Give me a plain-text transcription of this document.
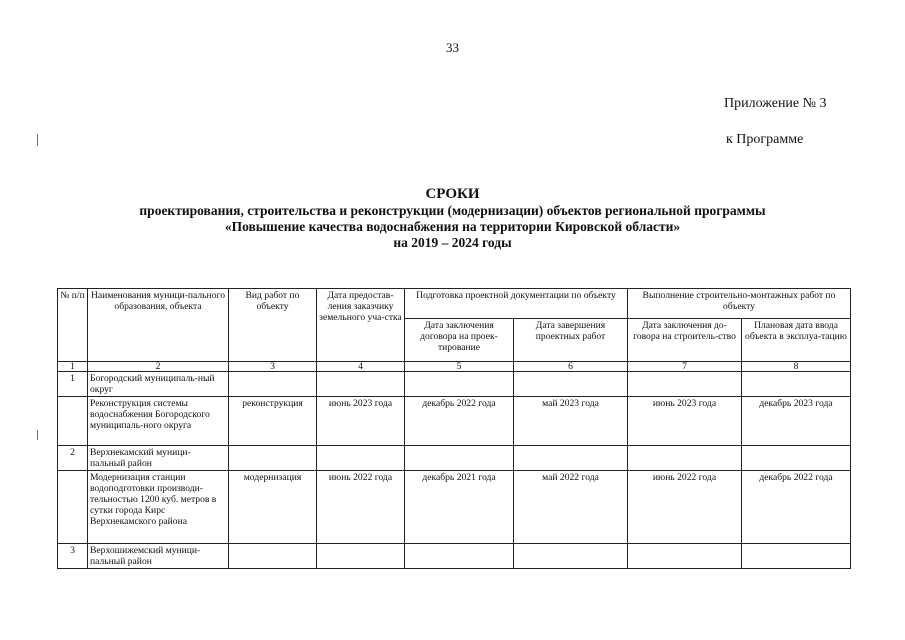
33
Приложение № 3
к Программе
СРОКИ
проектирования, строительства и реконструкции (модернизации) объектов региональной программы
«Повышение качества водоснабжения на территории Кировской области»
на 2019 – 2024 годы
№ п/п	Наименования муници-пального образования, объекта	Вид работ по объекту	Дата предостав-ления заказчику земельного уча-стка	Подготовка проектной документации по объекту		Выполнение строительно-монтажных работ по объекту	
				Дата заключения договора на проек-тирование	Дата завершения проектных работ	Дата заключения до-говора на строитель-ство	Плановая дата ввода объекта в эксплуа-тацию
1	2	3	4	5	6	7	8
1	Богородский муниципаль-ный округ						
	Реконструкция системы водоснабжения Богородского муниципаль-ного округа	реконструкция	июнь 2023 года	декабрь 2022 года	май 2023 года	июнь 2023 года	декабрь 2023 года
2	Верхнекамский муници-пальный район						
	Модернизация станции водоподготовки производи-тельностью 1200 куб. метров в сутки города Кирс Верхнекамского района	модернизация	июнь 2022 года	декабрь 2021 года	май 2022 года	июнь 2022 года	декабрь 2022 года
3	Верхошижемский муници-пальный район						
